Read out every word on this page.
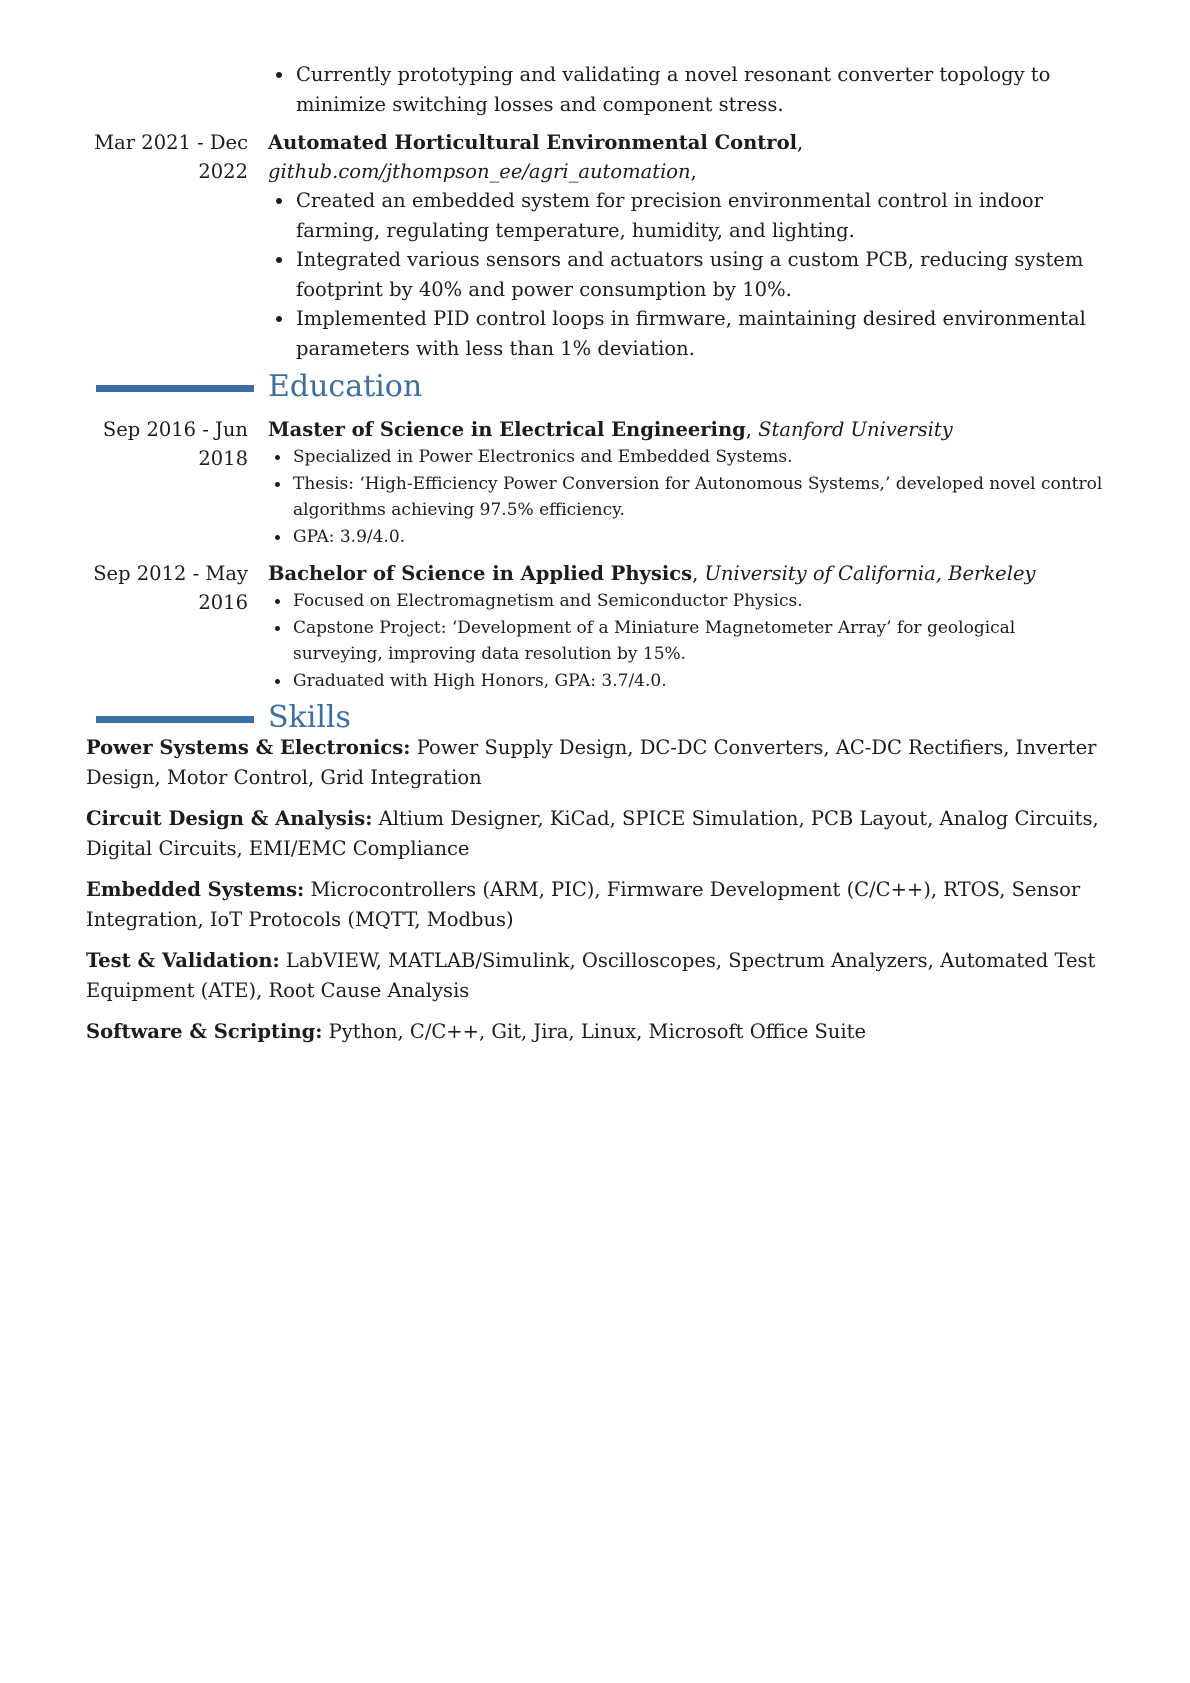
Currently prototyping and validating a novel resonant converter topology to minimize switching losses and component stress.
Mar 2021 - Dec
2022
Automated Horticultural Environmental Control, github.com/jthompson_ee/agri_automation,
Created an embedded system for precision environmental control in indoor farming, regulating temperature, humidity, and lighting.
Integrated various sensors and actuators using a custom PCB, reducing system footprint by 40% and power consumption by 10%.
Implemented PID control loops in firmware, maintaining desired environmental parameters with less than 1% deviation.
Education
Sep 2016 - Jun
2018
Master of Science in Electrical Engineering, Stanford University
Specialized in Power Electronics and Embedded Systems.
Thesis: ‘High-Efficiency Power Conversion for Autonomous Systems,’ developed novel control algorithms achieving 97.5% efficiency.
GPA: 3.9/4.0.
Sep 2012 - May
2016
Bachelor of Science in Applied Physics, University of California, Berkeley
Focused on Electromagnetism and Semiconductor Physics.
Capstone Project: ‘Development of a Miniature Magnetometer Array’ for geological surveying, improving data resolution by 15%.
Graduated with High Honors, GPA: 3.7/4.0.
Skills
Power Systems & Electronics: Power Supply Design, DC-DC Converters, AC-DC Rectifiers, Inverter Design, Motor Control, Grid Integration
Circuit Design & Analysis: Altium Designer, KiCad, SPICE Simulation, PCB Layout, Analog Circuits, Digital Circuits, EMI/EMC Compliance
Embedded Systems: Microcontrollers (ARM, PIC), Firmware Development (C/C++), RTOS, Sensor Integration, IoT Protocols (MQTT, Modbus)
Test & Validation: LabVIEW, MATLAB/Simulink, Oscilloscopes, Spectrum Analyzers, Automated Test Equipment (ATE), Root Cause Analysis
Software & Scripting: Python, C/C++, Git, Jira, Linux, Microsoft Office Suite
